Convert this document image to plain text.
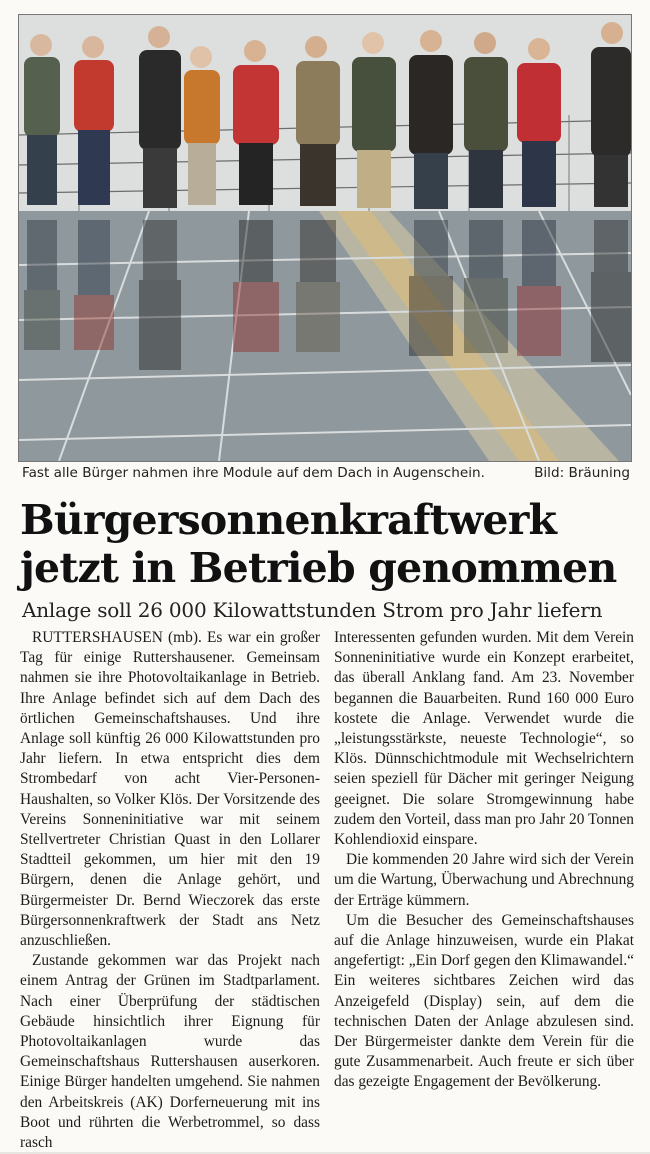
Fast alle Bürger nahmen ihre Module auf dem Dach in Augenschein.	Bild: Bräuning
Bürgersonnenkraftwerk
jetzt in Betrieb genommen
Anlage soll 26 000 Kilowattstunden Strom pro Jahr liefern

RUTTERSHAUSEN (mb). Es war ein großer Tag für einige Ruttershausener. Gemeinsam nahmen sie ihre Photovoltaikanlage in Betrieb. Ihre Anlage befindet sich auf dem Dach des örtlichen Gemeinschaftshauses. Und ihre Anlage soll künftig 26 000 Kilowattstunden pro Jahr liefern. In etwa entspricht dies dem Strombedarf von acht Vier-Personen-Haushalten, so Volker Klös. Der Vorsitzende des Vereins Sonneninitiative war mit seinem Stellvertreter Christian Quast in den Lollarer Stadtteil gekommen, um hier mit den 19 Bürgern, denen die Anlage gehört, und Bürgermeister Dr. Bernd Wieczorek das erste Bürgersonnenkraftwerk der Stadt ans Netz anzuschließen.

Zustande gekommen war das Projekt nach einem Antrag der Grünen im Stadtparlament. Nach einer Überprüfung der städtischen Gebäude hinsichtlich ihrer Eignung für Photovoltaikanlagen wurde das Gemeinschaftshaus Ruttershausen auserkoren. Einige Bürger handelten umgehend. Sie nahmen den Arbeitskreis (AK) Dorferneuerung mit ins Boot und rührten die Werbetrommel, so dass rasch

Interessenten gefunden wurden. Mit dem Verein Sonneninitiative wurde ein Konzept erarbeitet, das überall Anklang fand. Am 23. November begannen die Bauarbeiten. Rund 160 000 Euro kostete die Anlage. Verwendet wurde die „leistungsstärkste, neueste Technologie“, so Klös. Dünnschichtmodule mit Wechselrichtern seien speziell für Dächer mit geringer Neigung geeignet. Die solare Stromgewinnung habe zudem den Vorteil, dass man pro Jahr 20 Tonnen Kohlendioxid einspare.

Die kommenden 20 Jahre wird sich der Verein um die Wartung, Überwachung und Abrechnung der Erträge kümmern.

Um die Besucher des Gemeinschaftshauses auf die Anlage hinzuweisen, wurde ein Plakat angefertigt: „Ein Dorf gegen den Klimawandel.“ Ein weiteres sichtbares Zeichen wird das Anzeigefeld (Display) sein, auf dem die technischen Daten der Anlage abzulesen sind. Der Bürgermeister dankte dem Verein für die gute Zusammenarbeit. Auch freute er sich über das gezeigte Engagement der Bevölkerung.
